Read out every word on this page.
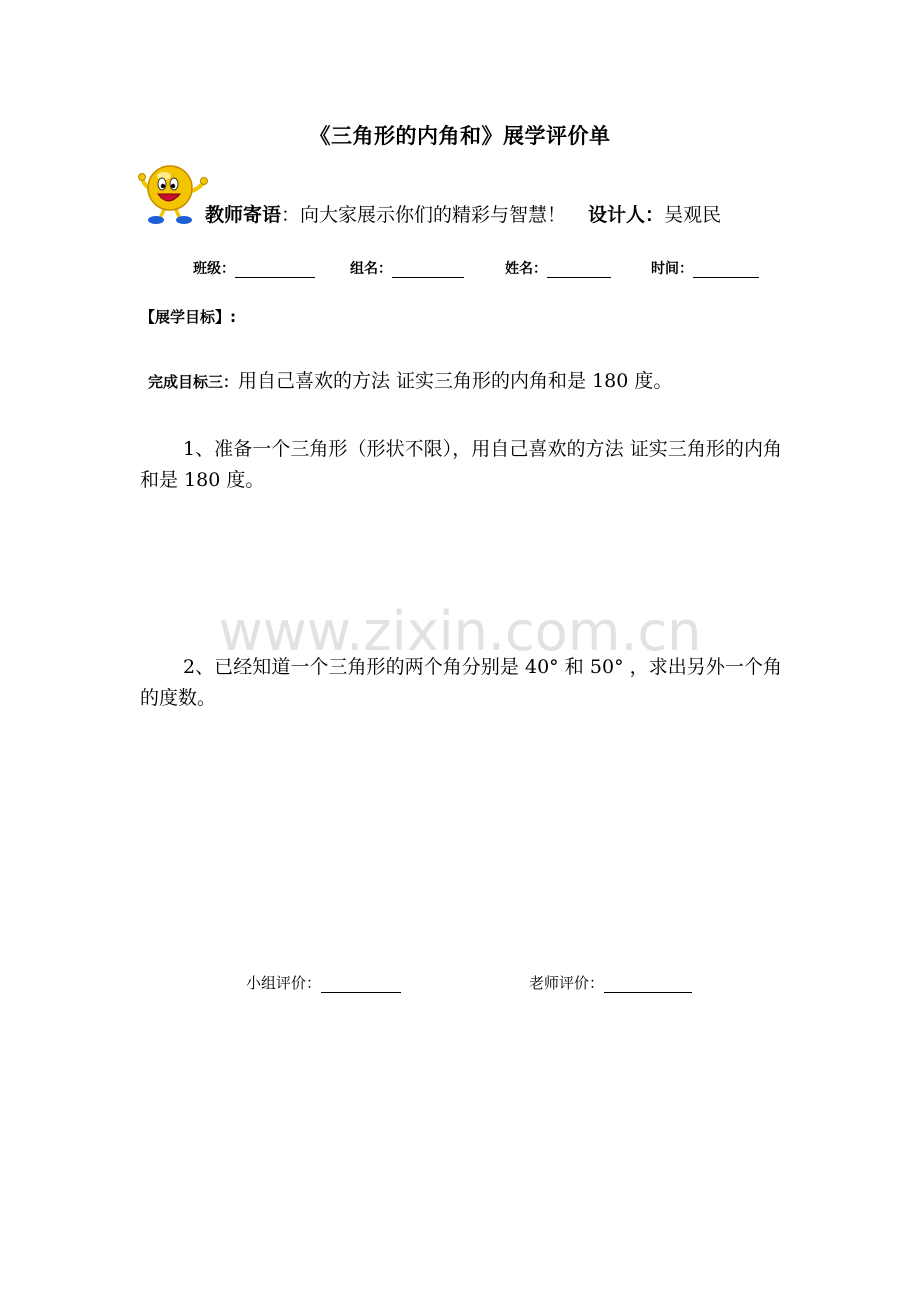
《三角形的内角和》展学评价单
教师寄语：向大家展示你们的精彩与智慧！ 设计人：吴观民
班级：	组名：	姓名：	时间：
【展学目标】:
完成目标三：用自己喜欢的方法 证实三角形的内角和是 180 度。
1、准备一个三角形（形状不限），用自己喜欢的方法 证实三角形的内角和是 180 度。
www.zixin.com.cn
2、已经知道一个三角形的两个角分别是 40° 和 50° ，求出另外一个角的度数。
小组评价：	老师评价：
